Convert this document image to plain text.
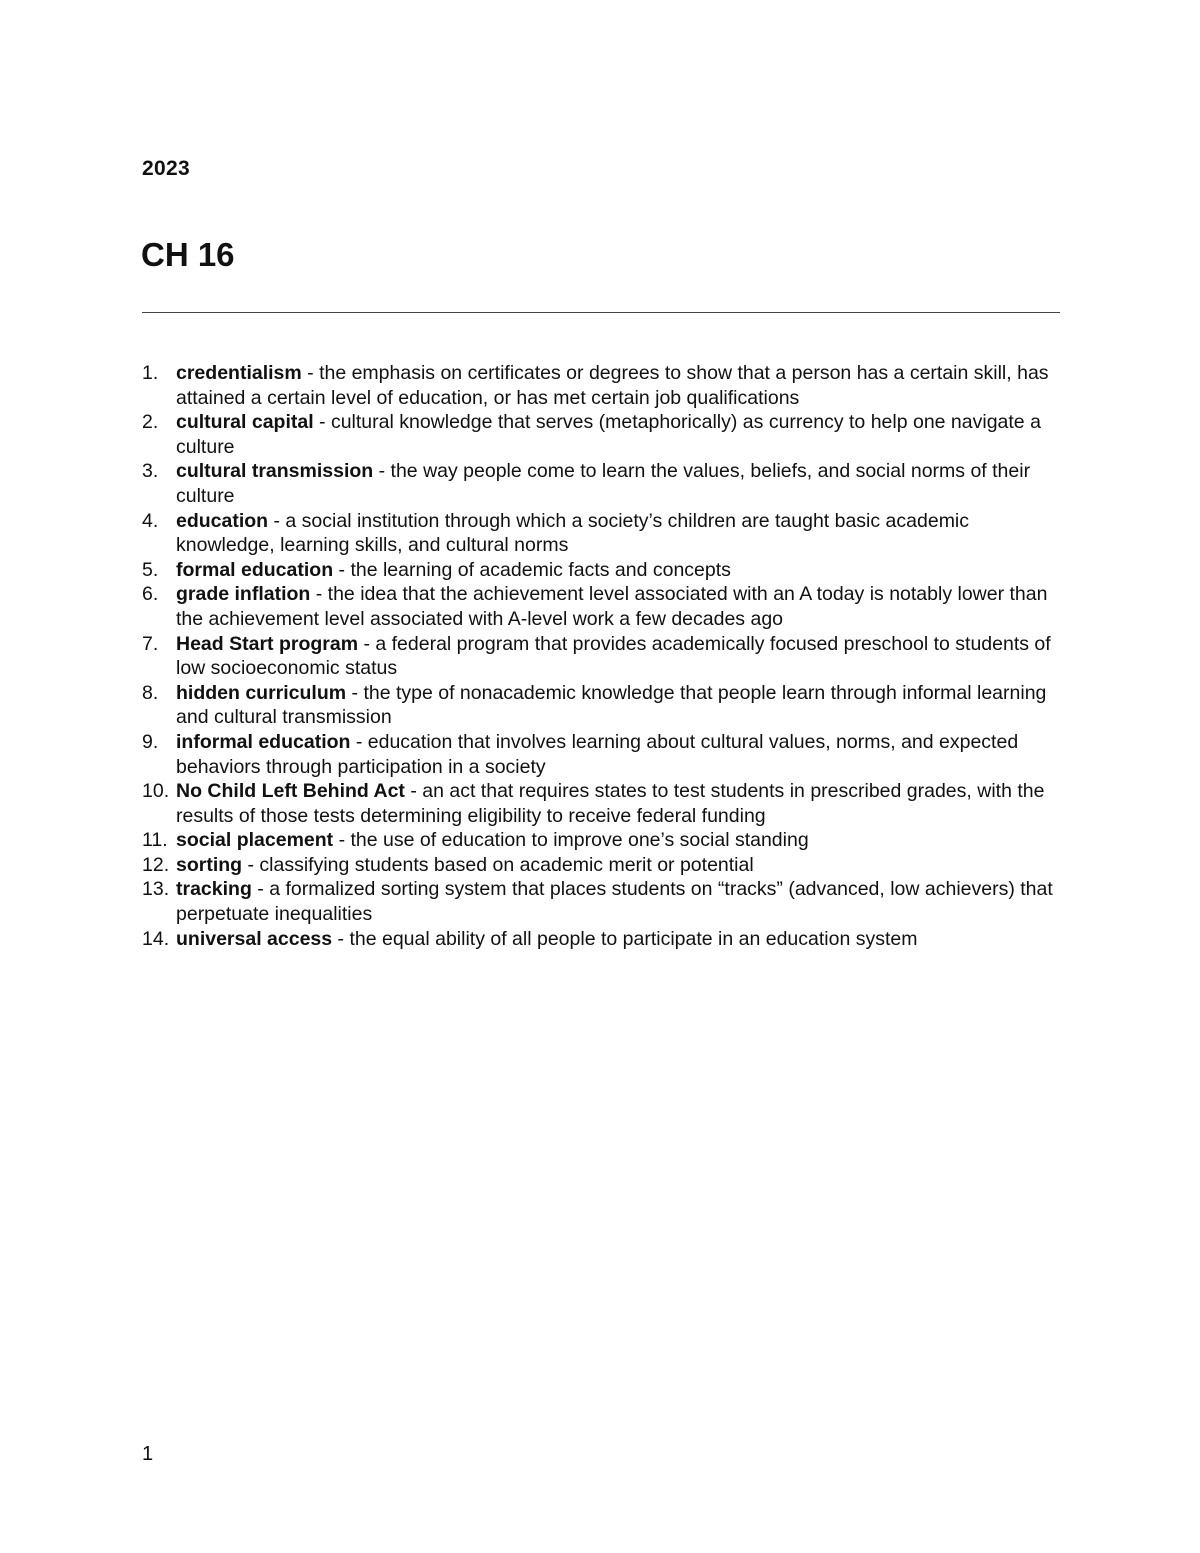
2023
CH 16
1. credentialism - the emphasis on certificates or degrees to show that a person has a certain skill, has attained a certain level of education, or has met certain job qualifications
2. cultural capital - cultural knowledge that serves (metaphorically) as currency to help one navigate a culture
3. cultural transmission - the way people come to learn the values, beliefs, and social norms of their culture
4. education - a social institution through which a society’s children are taught basic academic knowledge, learning skills, and cultural norms
5. formal education - the learning of academic facts and concepts
6. grade inflation - the idea that the achievement level associated with an A today is notably lower than the achievement level associated with A-level work a few decades ago
7. Head Start program - a federal program that provides academically focused preschool to students of low socioeconomic status
8. hidden curriculum - the type of nonacademic knowledge that people learn through informal learning and cultural transmission
9. informal education - education that involves learning about cultural values, norms, and expected behaviors through participation in a society
10. No Child Left Behind Act - an act that requires states to test students in prescribed grades, with the results of those tests determining eligibility to receive federal funding
11. social placement - the use of education to improve one’s social standing
12. sorting - classifying students based on academic merit or potential
13. tracking - a formalized sorting system that places students on “tracks” (advanced, low achievers) that perpetuate inequalities
14. universal access - the equal ability of all people to participate in an education system
1
